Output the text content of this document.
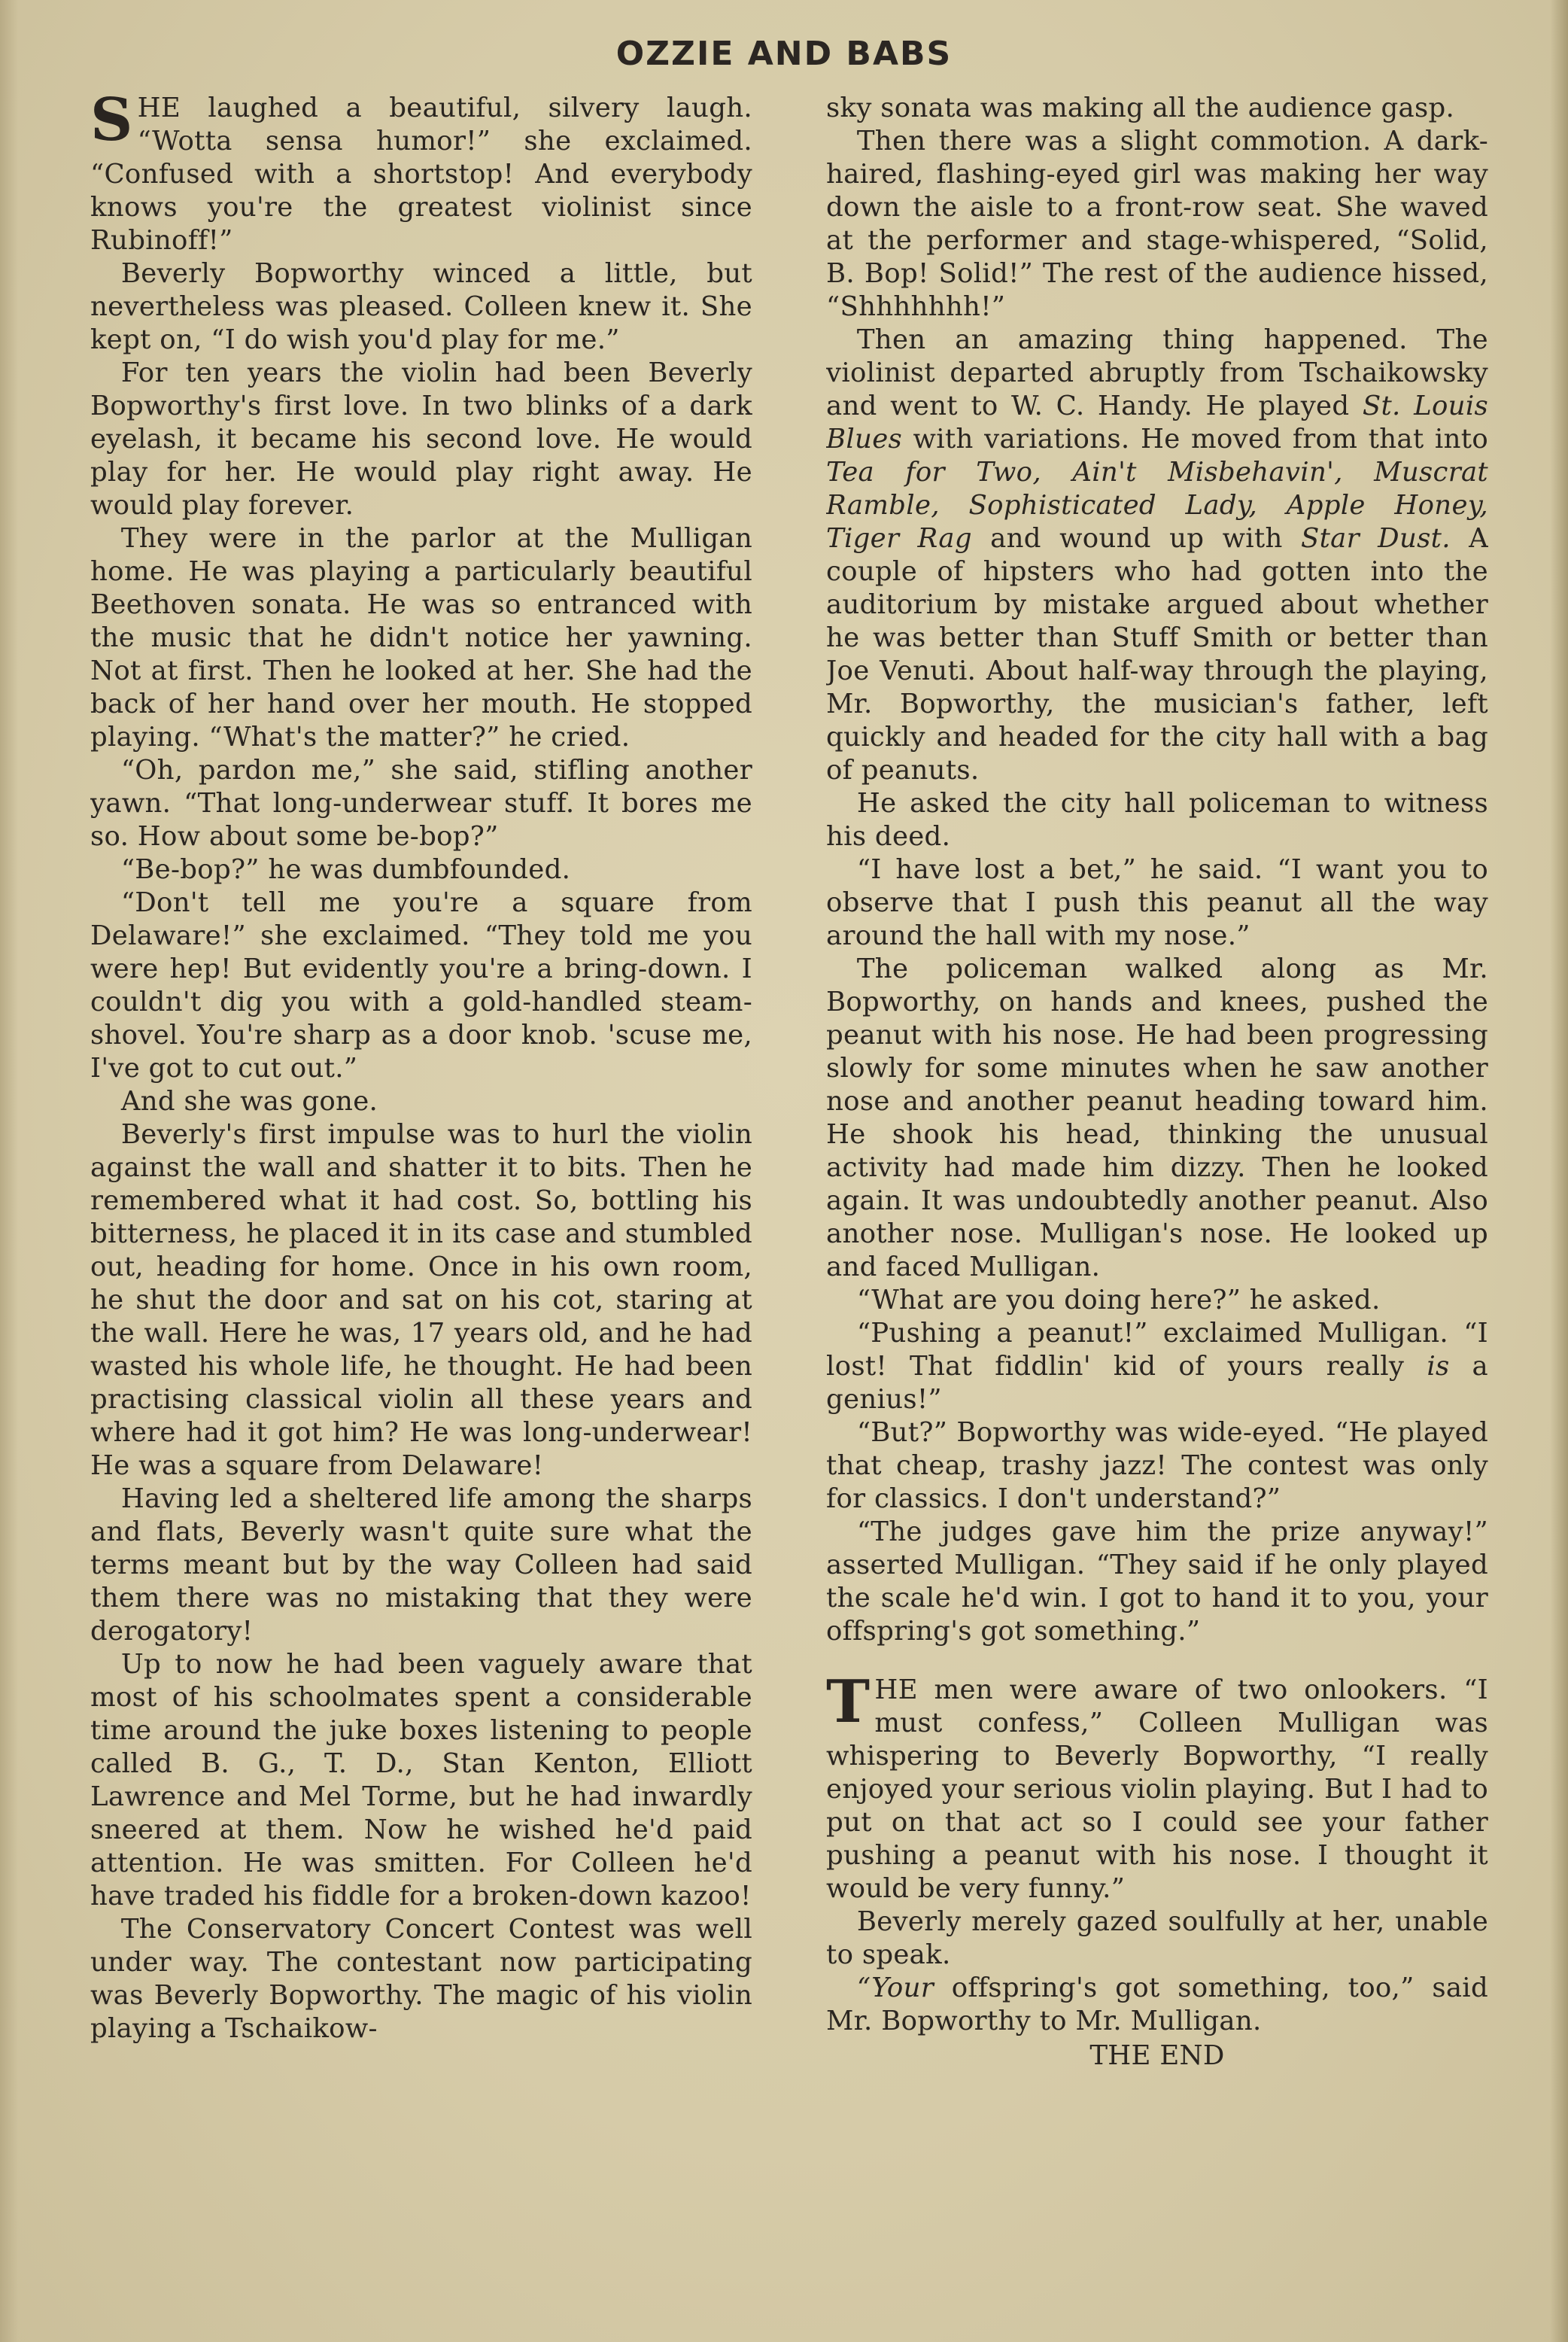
OZZIE AND BABS

SHE laughed a beautiful, silvery laugh. “Wotta sensa humor!” she exclaimed. “Confused with a shortstop! And everybody knows you're the greatest violinist since Rubinoff!”

Beverly Bopworthy winced a little, but nevertheless was pleased. Colleen knew it. She kept on, “I do wish you'd play for me.”

For ten years the violin had been Beverly Bopworthy's first love. In two blinks of a dark eyelash, it became his second love. He would play for her. He would play right away. He would play forever.

They were in the parlor at the Mulligan home. He was playing a particularly beautiful Beethoven sonata. He was so entranced with the music that he didn't notice her yawning. Not at first. Then he looked at her. She had the back of her hand over her mouth. He stopped playing. “What's the matter?” he cried.

“Oh, pardon me,” she said, stifling another yawn. “That long-underwear stuff. It bores me so. How about some be-bop?”

“Be-bop?” he was dumbfounded.

“Don't tell me you're a square from Delaware!” she exclaimed. “They told me you were hep! But evidently you're a bring-down. I couldn't dig you with a gold-handled steam-shovel. You're sharp as a door knob. 'scuse me, I've got to cut out.”

And she was gone.

Beverly's first impulse was to hurl the violin against the wall and shatter it to bits. Then he remembered what it had cost. So, bottling his bitterness, he placed it in its case and stumbled out, heading for home. Once in his own room, he shut the door and sat on his cot, staring at the wall. Here he was, 17 years old, and he had wasted his whole life, he thought. He had been practising classical violin all these years and where had it got him? He was long-underwear! He was a square from Delaware!

Having led a sheltered life among the sharps and flats, Beverly wasn't quite sure what the terms meant but by the way Colleen had said them there was no mistaking that they were derogatory!

Up to now he had been vaguely aware that most of his schoolmates spent a considerable time around the juke boxes listening to people called B. G., T. D., Stan Kenton, Elliott Lawrence and Mel Torme, but he had inwardly sneered at them. Now he wished he'd paid attention. He was smitten. For Colleen he'd have traded his fiddle for a broken-down kazoo!

The Conservatory Concert Contest was well under way. The contestant now participating was Beverly Bopworthy. The magic of his violin playing a Tschaikow-

sky sonata was making all the audience gasp.

Then there was a slight commotion. A dark-haired, flashing-eyed girl was making her way down the aisle to a front-row seat. She waved at the performer and stage-whispered, “Solid, B. Bop! Solid!” The rest of the audience hissed, “Shhhhhhh!”

Then an amazing thing happened. The violinist departed abruptly from Tschaikowsky and went to W. C. Handy. He played St. Louis Blues with variations. He moved from that into Tea for Two, Ain't Misbehavin', Muscrat Ramble, Sophisticated Lady, Apple Honey, Tiger Rag and wound up with Star Dust. A couple of hipsters who had gotten into the auditorium by mistake argued about whether he was better than Stuff Smith or better than Joe Venuti. About half-way through the playing, Mr. Bopworthy, the musician's father, left quickly and headed for the city hall with a bag of peanuts.

He asked the city hall policeman to witness his deed.

“I have lost a bet,” he said. “I want you to observe that I push this peanut all the way around the hall with my nose.”

The policeman walked along as Mr. Bopworthy, on hands and knees, pushed the peanut with his nose. He had been progressing slowly for some minutes when he saw another nose and another peanut heading toward him. He shook his head, thinking the unusual activity had made him dizzy. Then he looked again. It was undoubtedly another peanut. Also another nose. Mulligan's nose. He looked up and faced Mulligan.

“What are you doing here?” he asked.

“Pushing a peanut!” exclaimed Mulligan. “I lost! That fiddlin' kid of yours really is a genius!”

“But?” Bopworthy was wide-eyed. “He played that cheap, trashy jazz! The contest was only for classics. I don't understand?”

“The judges gave him the prize anyway!” asserted Mulligan. “They said if he only played the scale he'd win. I got to hand it to you, your offspring's got something.”

THE men were aware of two onlookers. “I must confess,” Colleen Mulligan was whispering to Beverly Bopworthy, “I really enjoyed your serious violin playing. But I had to put on that act so I could see your father pushing a peanut with his nose. I thought it would be very funny.”

Beverly merely gazed soulfully at her, unable to speak.

“Your offspring's got something, too,” said Mr. Bopworthy to Mr. Mulligan.

THE END
